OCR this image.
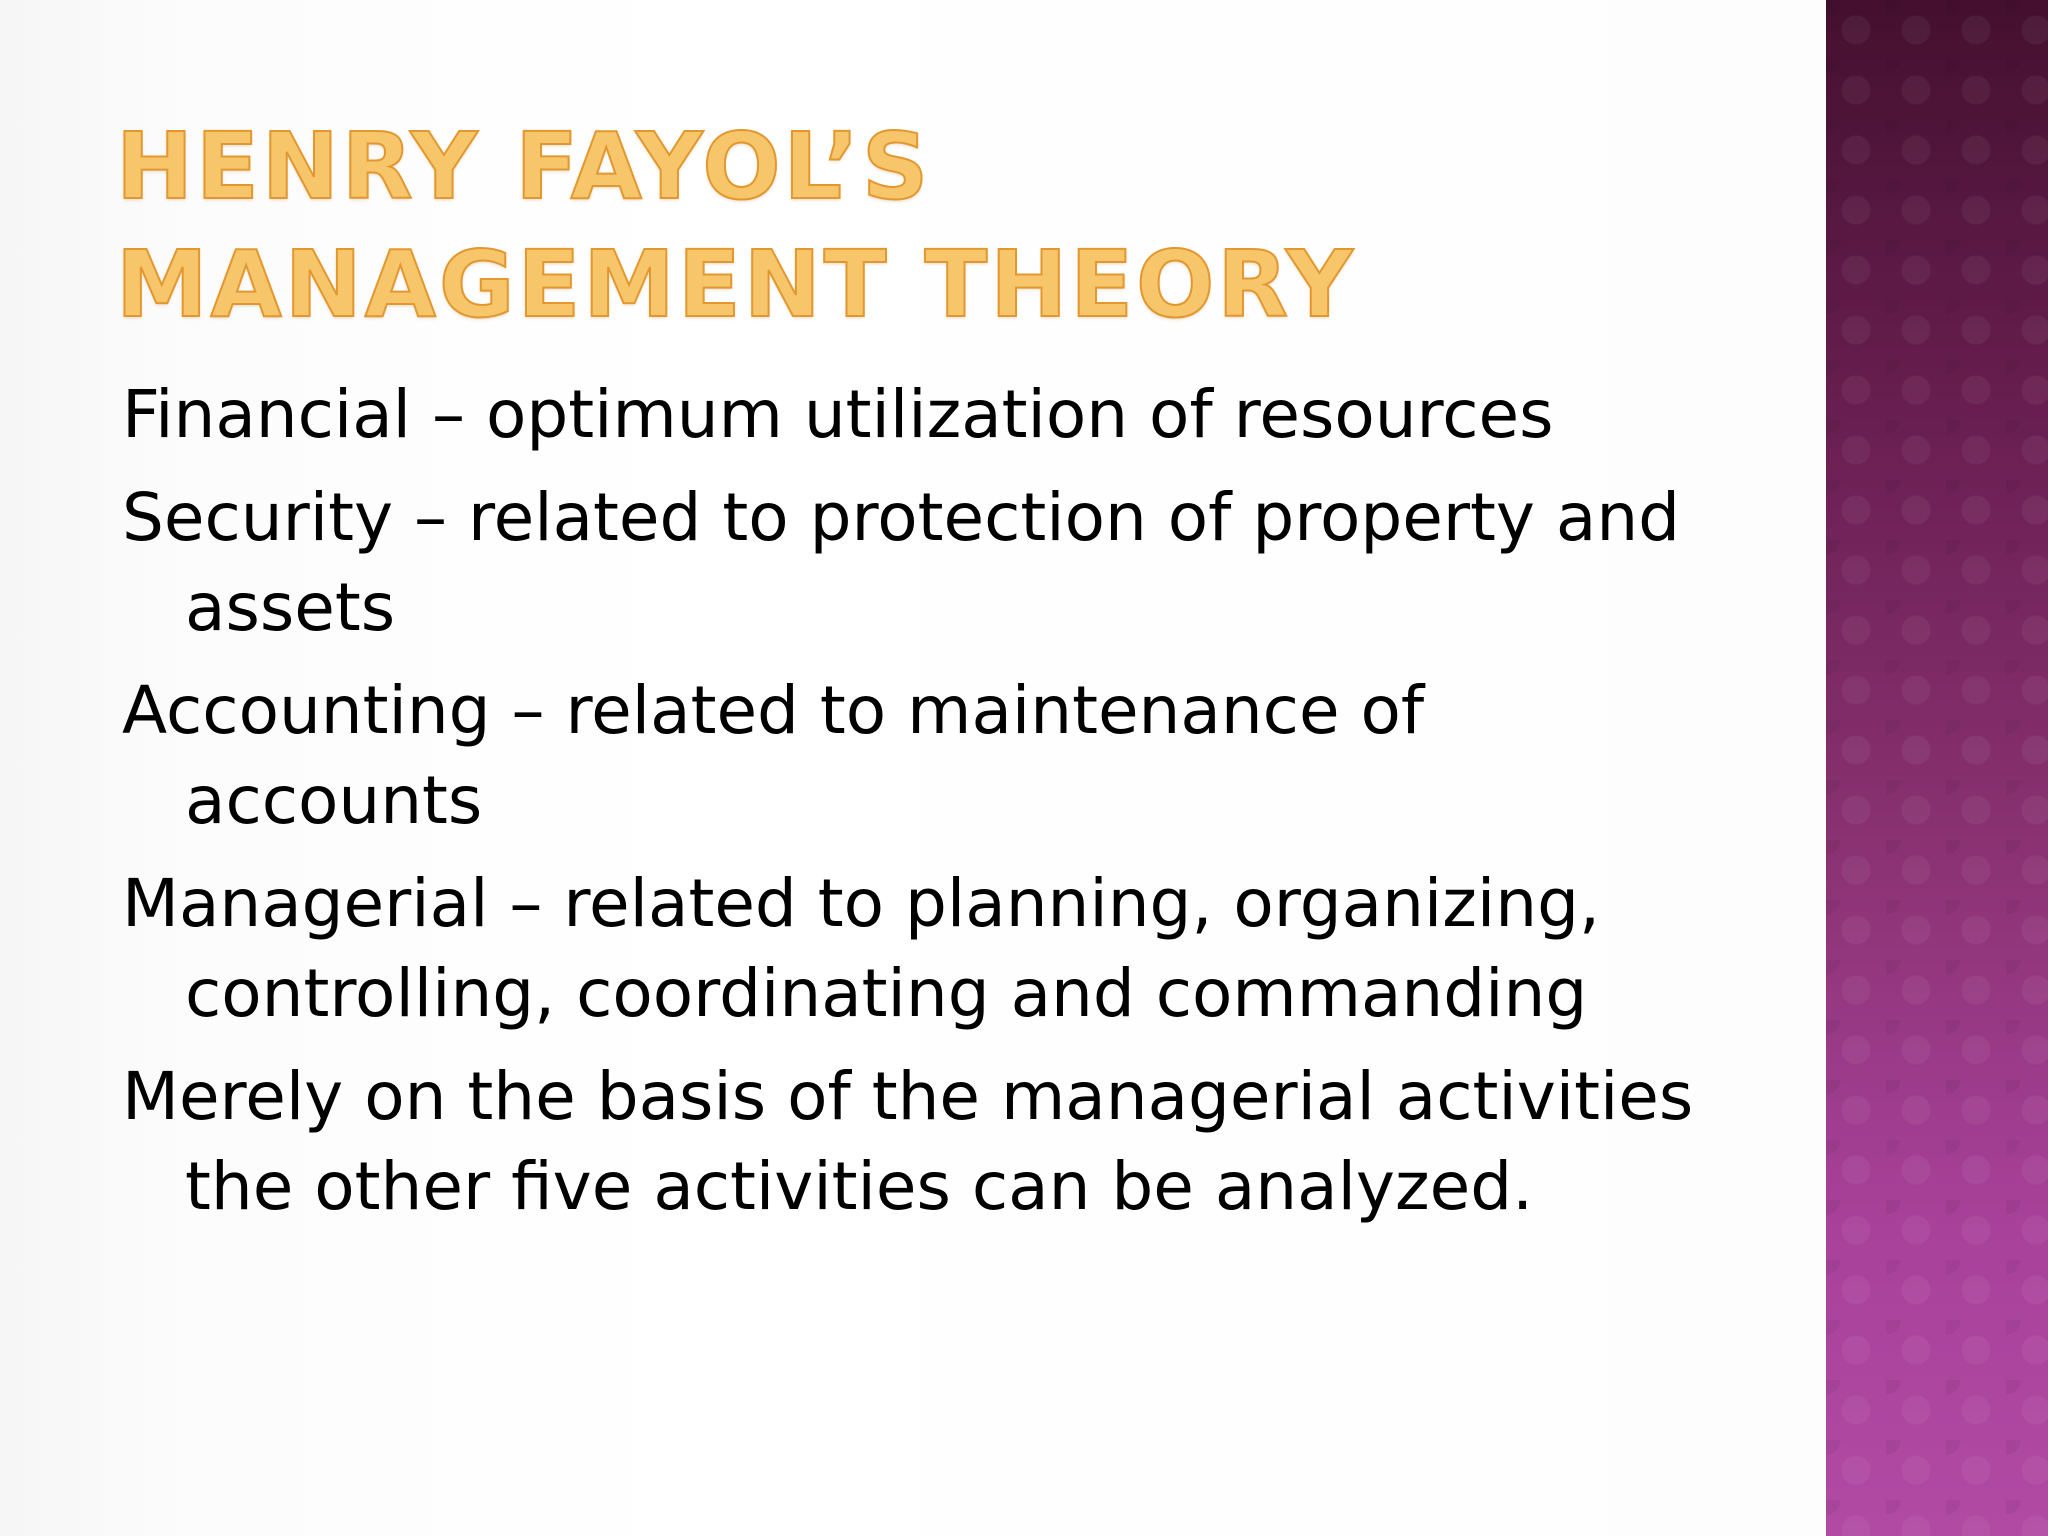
HENRY FAYOL’S MANAGEMENT THEORY
Financial – optimum utilization of resources
Security – related to protection of property and assets
Accounting – related to maintenance of accounts
Managerial – related to planning, organizing, controlling, coordinating and commanding
Merely on the basis of the managerial activities the other five activities can be analyzed.
